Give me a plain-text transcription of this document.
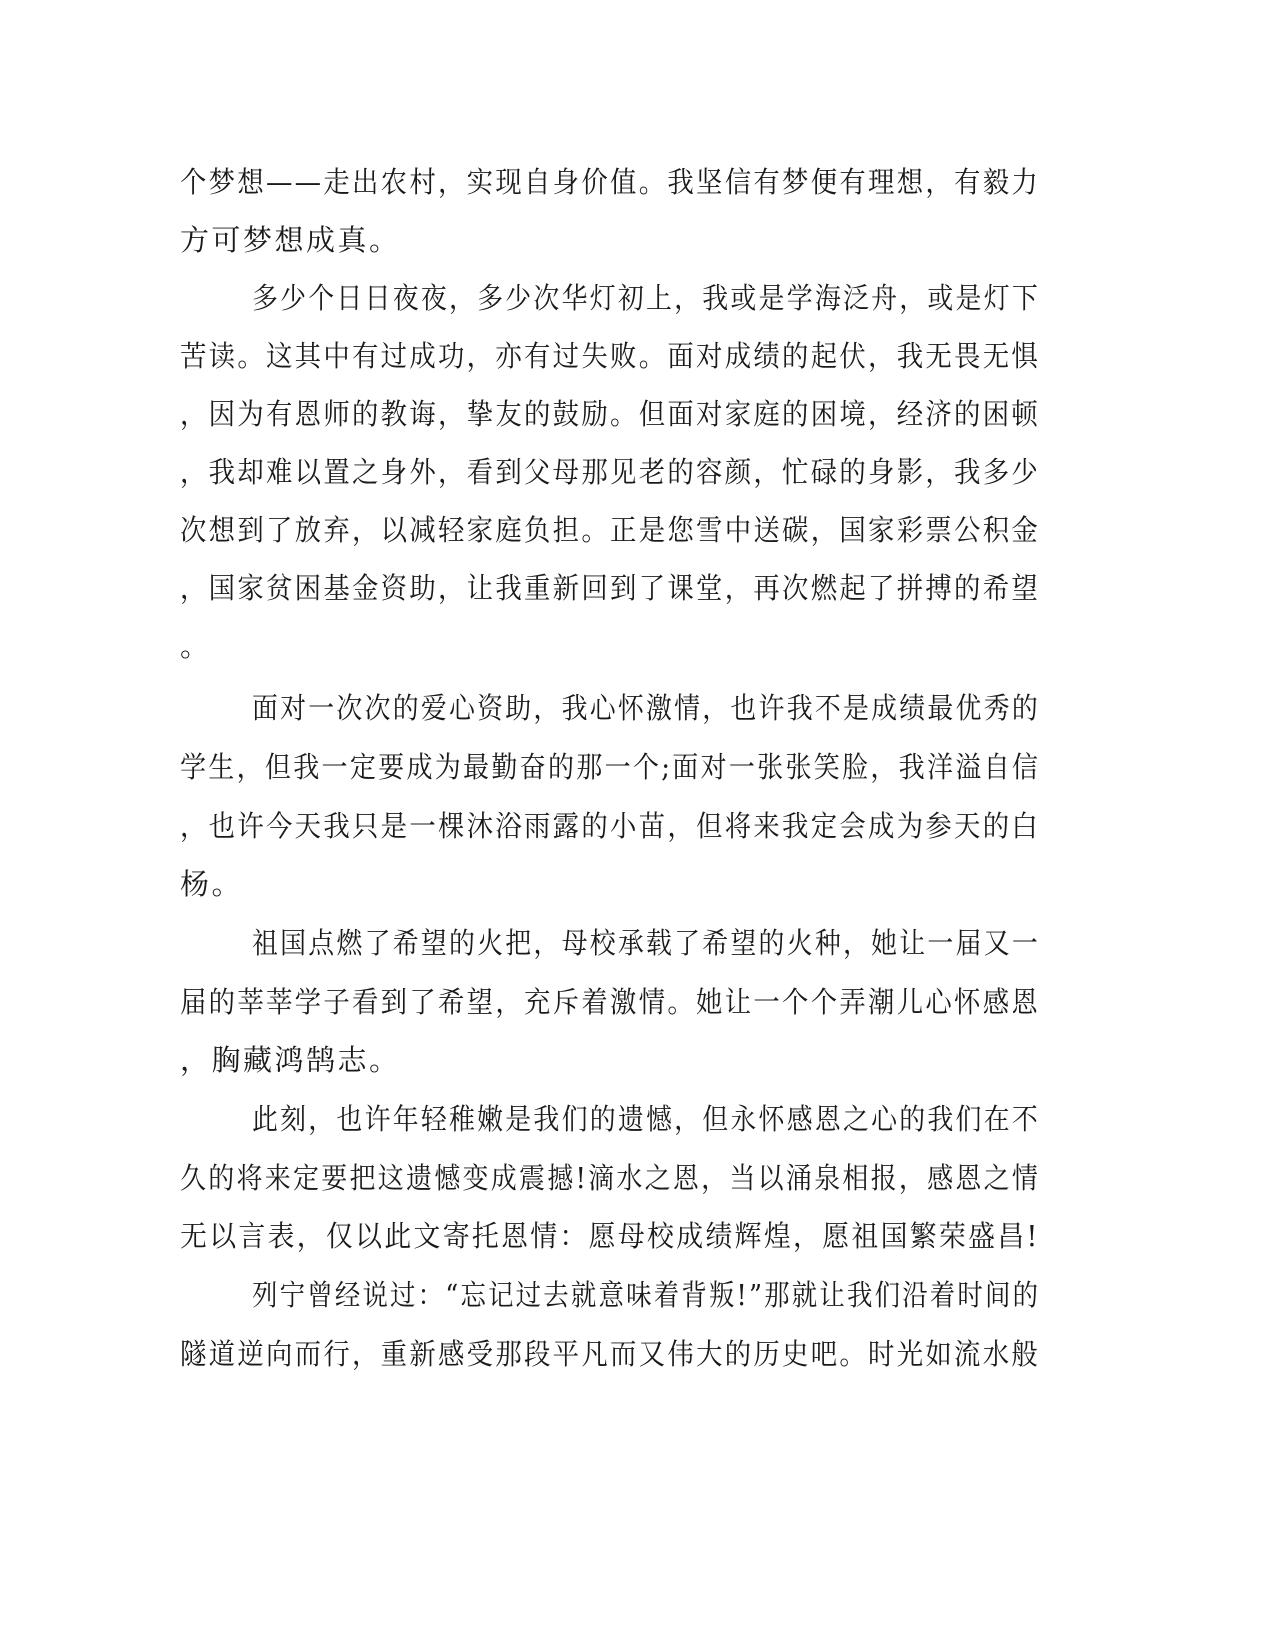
个梦想——走出农村，实现自身价值。我坚信有梦便有理想，有毅力
方可梦想成真。
多少个日日夜夜，多少次华灯初上，我或是学海泛舟，或是灯下
苦读。这其中有过成功，亦有过失败。面对成绩的起伏，我无畏无惧
，因为有恩师的教诲，挚友的鼓励。但面对家庭的困境，经济的困顿
，我却难以置之身外，看到父母那见老的容颜，忙碌的身影，我多少
次想到了放弃，以减轻家庭负担。正是您雪中送碳，国家彩票公积金
，国家贫困基金资助，让我重新回到了课堂，再次燃起了拼搏的希望
。
面对一次次的爱心资助，我心怀激情，也许我不是成绩最优秀的
学生，但我一定要成为最勤奋的那一个;面对一张张笑脸，我洋溢自信
，也许今天我只是一棵沐浴雨露的小苗，但将来我定会成为参天的白
杨。
祖国点燃了希望的火把，母校承载了希望的火种，她让一届又一
届的莘莘学子看到了希望，充斥着激情。她让一个个弄潮儿心怀感恩
，胸藏鸿鹄志。
此刻，也许年轻稚嫩是我们的遗憾，但永怀感恩之心的我们在不
久的将来定要把这遗憾变成震撼!滴水之恩，当以涌泉相报，感恩之情
无以言表，仅以此文寄托恩情：愿母校成绩辉煌，愿祖国繁荣盛昌!
列宁曾经说过：“忘记过去就意味着背叛!”那就让我们沿着时间的
隧道逆向而行，重新感受那段平凡而又伟大的历史吧。时光如流水般
